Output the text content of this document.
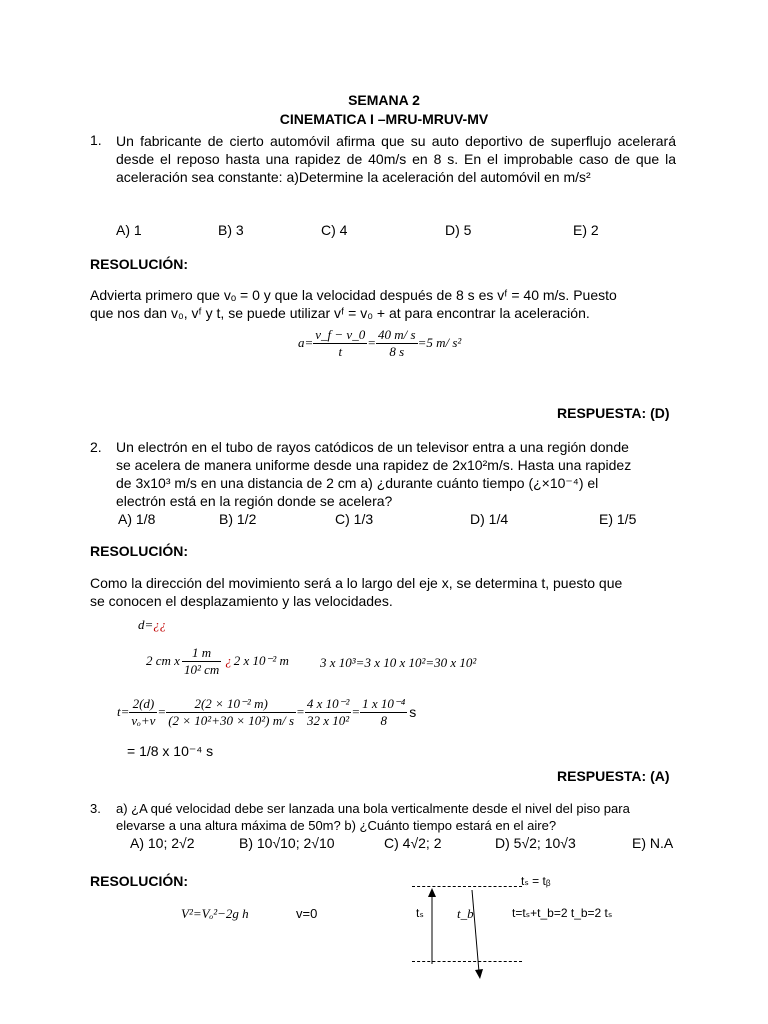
SEMANA 2
CINEMATICA I –MRU-MRUV-MV
1. Un fabricante de cierto automóvil afirma que su auto deportivo de superflujo acelerará desde el reposo hasta una rapidez de 40m/s en 8 s. En el improbable caso de que la aceleración sea constante: a)Determine la aceleración del automóvil en m/s²
A) 1	B) 3	C) 4	D) 5	E) 2
RESOLUCIÓN:
Advierta primero que vₒ = 0 y que la velocidad después de 8 s es vᶠ = 40 m/s. Puesto
que nos dan v₀, vᶠ y t, se puede utilizar vᶠ = v₀ + at para encontrar la aceleración.
$a= \frac{v\_f - v\_0}{t} = \frac{40 m/ s}{8 s} =5$ m/ s²
RESPUESTA: (D)
2. Un electrón en el tubo de rayos catódicos de un televisor entra a una región donde
se acelera de manera uniforme desde una rapidez de 2x10²m/s. Hasta una rapidez
de 3x10³ m/s en una distancia de 2 cm a) ¿durante cuánto tiempo (¿×10⁻⁴) el
electrón está en la región donde se acelera?
A) 1/8	B) 1/2	C) 1/3	D) 1/4	E) 1/5
RESOLUCIÓN:
Como la dirección del movimiento será a lo largo del eje x, se determina t, puesto que
se conocen el desplazamiento y las velocidades.
d=¿¿
2 cm x $\frac{1 m}{\text{10² cm}}$ ¿ 2 x 10⁻² m 3 x 10³=3 x 10 x 10²=30 x 10²
$t= \frac{2(d)}{\text{vₒ+v}} = \frac{\text{2(2 × 10⁻² m)}}{\text{(2 × 10²+30 × 10²) m/ s}} = \frac{\text{4 x 10⁻²}}{\text{32 x 10²}} = \frac{\text{1 x 10⁻⁴}}{8}$ s
= 1/8 x 10⁻⁴ s
RESPUESTA: (A)
3. a) ¿A qué velocidad debe ser lanzada una bola verticalmente desde el nivel del piso para
elevarse a una altura máxima de 50m? b) ¿Cuánto tiempo estará en el aire?
A) 10; 2√2	B) 10√10; 2√10	C) 4√2; 2	D) 5√2; 10√3	E) N.A
RESOLUCIÓN:
V²=Vₒ²−2g h	v=0
tₛ = tᵦ
tₛ	t_b	t=tₛ+t_b=2 t_b=2 tₛ
